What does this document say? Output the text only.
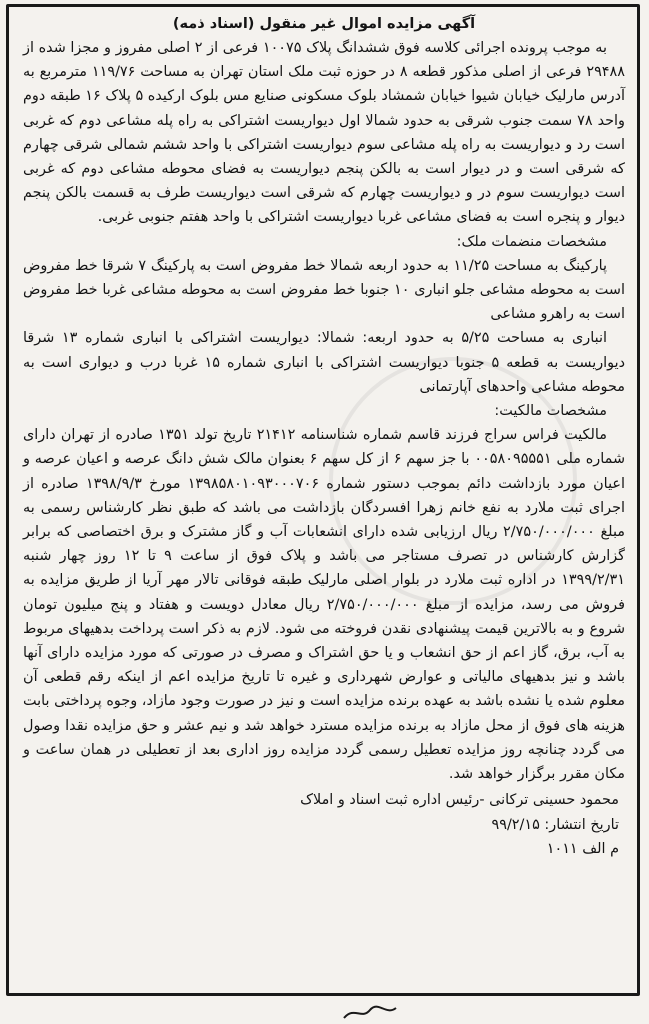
آگهی مزایده اموال غیر منقول (اسناد ذمه)

به موجب پرونده اجرائی کلاسه فوق ششدانگ پلاک ۱۰۰۷۵ فرعی از ۲ اصلی مفروز و مجزا شده از ۲۹۴۸۸ فرعی از اصلی مذکور قطعه ۸ در حوزه ثبت ملک استان تهران به مساحت ۱۱۹/۷۶ مترمربع به آدرس مارلیک خیابان شیوا خیابان شمشاد بلوک مسکونی صنایع مس بلوک ارکیده ۵ پلاک ۱۶ طبقه دوم واحد ۷۸ سمت جنوب شرقی به حدود شمالا اول دیواریست اشتراکی به راه پله مشاعی دوم که غربی است رد و دیواریست به راه پله مشاعی سوم دیواریست اشتراکی با واحد ششم شمالی شرقی چهارم که شرقی است و در دیوار است به بالکن پنجم دیواریست به فضای محوطه مشاعی دوم که غربی است دیواریست سوم در و دیواریست چهارم که شرقی است دیواریست طرف به قسمت بالکن پنجم دیوار و پنجره است به فضای مشاعی غربا دیواریست اشتراکی با واحد هفتم جنوبی غربی.

مشخصات منضمات ملک:

پارکینگ به مساحت ۱۱/۲۵ به حدود اربعه شمالا خط مفروض است به پارکینگ ۷ شرقا خط مفروض است به محوطه مشاعی جلو انباری ۱۰ جنوبا خط مفروض است به محوطه مشاعی غربا خط مفروض است به راهرو مشاعی

انباری به مساحت ۵/۲۵ به حدود اربعه: شمالا: دیواریست اشتراکی با انباری شماره ۱۳ شرقا دیواریست به قطعه ۵ جنوبا دیواریست اشتراکی با انباری شماره ۱۵ غربا درب و دیواری است به محوطه مشاعی واحدهای آپارتمانی

مشخصات مالکیت:

مالکیت فراس سراج فرزند قاسم شماره شناسنامه ۲۱۴۱۲ تاریخ تولد ۱۳۵۱ صادره از تهران دارای شماره ملی ۰۰۵۸۰۹۵۵۵۱ با جز سهم ۶ از کل سهم ۶ بعنوان مالک شش دانگ عرصه و اعیان عرصه و اعیان مورد بازداشت دائم بموجب دستور شماره ۱۳۹۸۵۸۰۱۰۹۳۰۰۰۷۰۶ مورخ ۱۳۹۸/۹/۳ صادره از اجرای ثبت ملارد به نفع خانم زهرا افسردگان بازداشت می باشد که طبق نظر کارشناس رسمی به مبلغ ۲/۷۵۰/۰۰۰/۰۰۰ ریال ارزیابی شده دارای انشعابات آب و گاز مشترک و برق اختصاصی که برابر گزارش کارشناس در تصرف مستاجر می باشد و پلاک فوق از ساعت ۹ تا ۱۲ روز چهار شنبه ۱۳۹۹/۲/۳۱ در اداره ثبت ملارد در بلوار اصلی مارلیک طبقه فوقانی تالار مهر آریا از طریق مزایده به فروش می رسد، مزایده از مبلغ ۲/۷۵۰/۰۰۰/۰۰۰ ریال معادل دویست و هفتاد و پنج میلیون تومان شروع و به بالاترین قیمت پیشنهادی نقدن فروخته می شود. لازم به ذکر است پرداخت بدهیهای مربوط به آب، برق، گاز اعم از حق انشعاب و یا حق اشتراک و مصرف در صورتی که مورد مزایده دارای آنها باشد و نیز بدهیهای مالیاتی و عوارض شهرداری و غیره تا تاریخ مزایده اعم از اینکه رقم قطعی آن معلوم شده یا نشده باشد به عهده برنده مزایده است و نیز در صورت وجود مازاد، وجوه پرداختی بابت هزینه های فوق از محل مازاد به برنده مزایده مسترد خواهد شد و نیم عشر و حق مزایده نقدا وصول می گردد چنانچه روز مزایده تعطیل رسمی گردد مزایده روز اداری بعد از تعطیلی در همان ساعت و مکان مقرر برگزار خواهد شد.

محمود حسینی ترکانی -رئیس اداره ثبت اسناد و املاک

تاریخ انتشار: ۹۹/۲/۱۵

م الف ۱۰۱۱
